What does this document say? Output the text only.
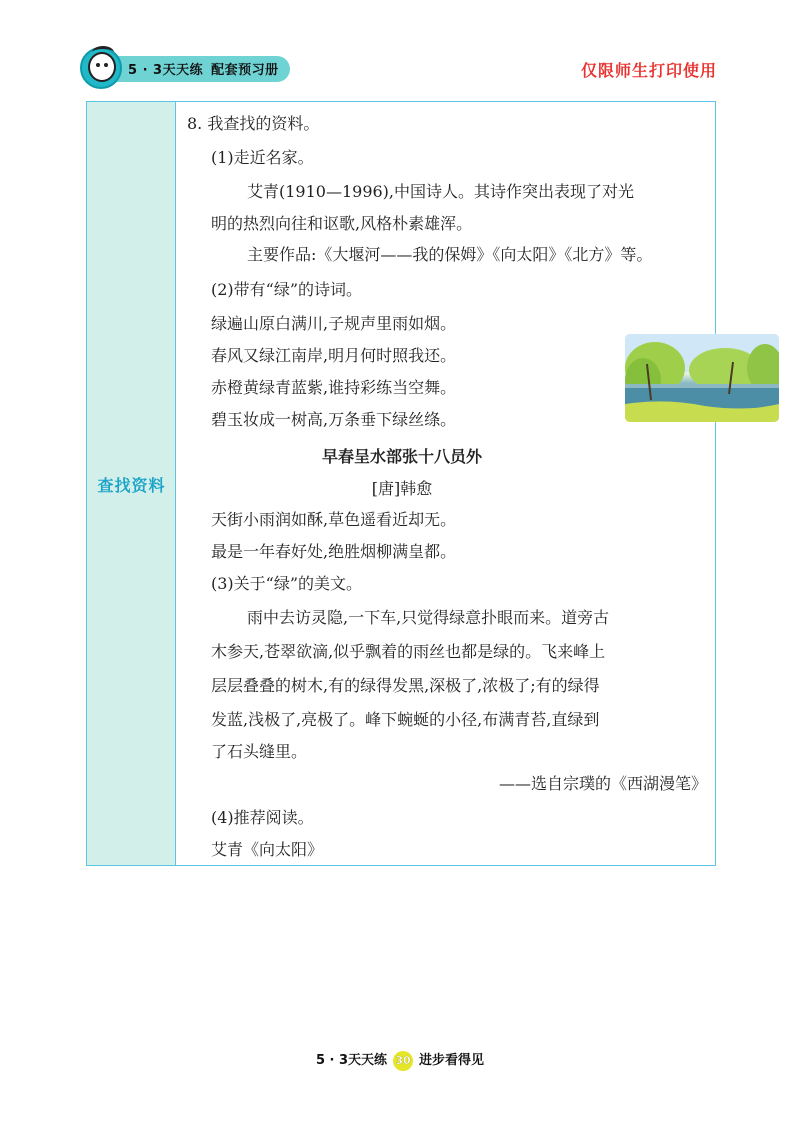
5 · 3天天练 配套预习册	仅限师生打印使用
查找资料
8. 我查找的资料。
(1)走近名家。
艾青(1910—1996),中国诗人。其诗作突出表现了对光
明的热烈向往和讴歌,风格朴素雄浑。
主要作品:《大堰河——我的保姆》《向太阳》《北方》等。
(2)带有“绿”的诗词。
绿遍山原白满川,子规声里雨如烟。
春风又绿江南岸,明月何时照我还。
赤橙黄绿青蓝紫,谁持彩练当空舞。
碧玉妆成一树高,万条垂下绿丝绦。
早春呈水部张十八员外
[唐]韩愈
天街小雨润如酥,草色遥看近却无。
最是一年春好处,绝胜烟柳满皇都。
(3)关于“绿”的美文。
雨中去访灵隐,一下车,只觉得绿意扑眼而来。道旁古
木参天,苍翠欲滴,似乎飘着的雨丝也都是绿的。飞来峰上
层层叠叠的树木,有的绿得发黑,深极了,浓极了;有的绿得
发蓝,浅极了,亮极了。峰下蜿蜒的小径,布满青苔,直绿到
了石头缝里。
——选自宗璞的《西湖漫笔》
(4)推荐阅读。
艾青《向太阳》
5 · 3天天练 30 进步看得见
